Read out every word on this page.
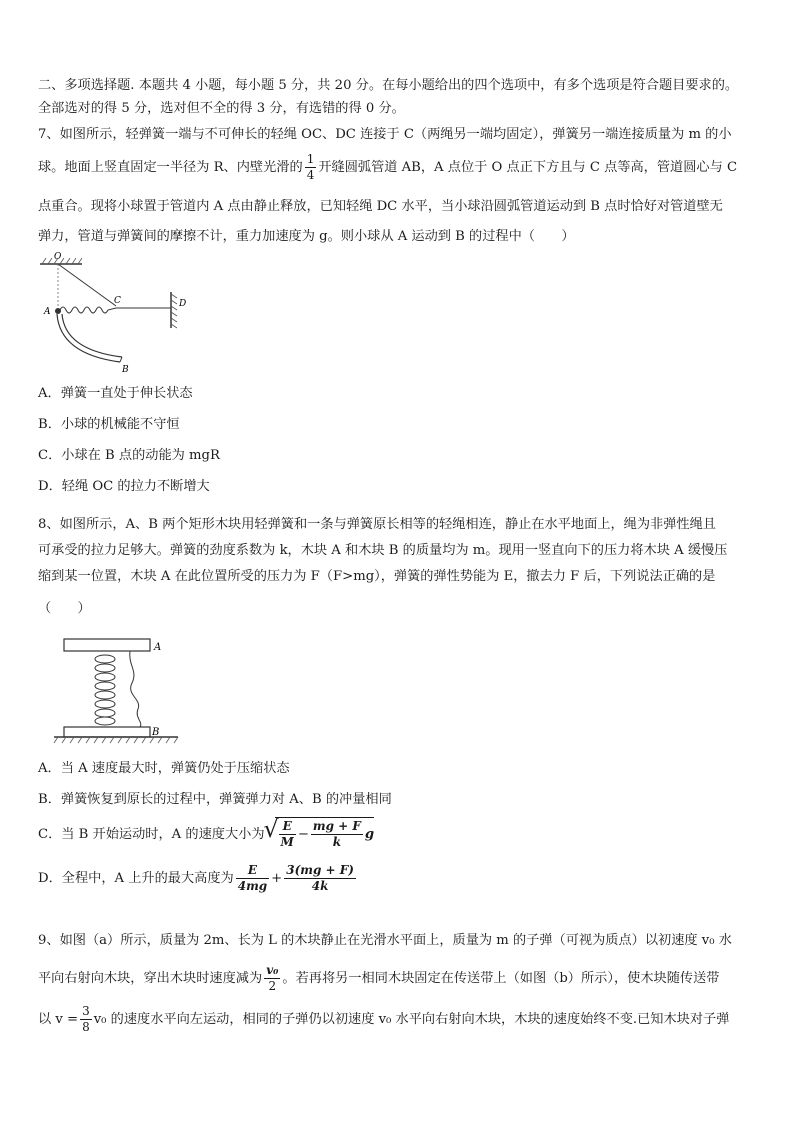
二、多项选择题. 本题共 4 小题，每小题 5 分，共 20 分。在每小题给出的四个选项中，有多个选项是符合题目要求的。
全部选对的得 5 分，选对但不全的得 3 分，有选错的得 0 分。
7、如图所示，轻弹簧一端与不可伸长的轻绳 OC、DC 连接于 C（两绳另一端均固定），弹簧另一端连接质量为 m 的小
球。地面上竖直固定一半径为 R、内壁光滑的 $\frac{1}{4}$ 开缝圆弧管道 AB，A 点位于 O 点正下方且与 C 点等高，管道圆心与 C
点重合。现将小球置于管道内 A 点由静止释放，已知轻绳 DC 水平，当小球沿圆弧管道运动到 B 点时恰好对管道壁无
弹力，管道与弹簧间的摩擦不计，重力加速度为 g。则小球从 A 运动到 B 的过程中（　　）
O
D
C
A
B
A．弹簧一直处于伸长状态
B．小球的机械能不守恒
C．小球在 B 点的动能为 mgR
D．轻绳 OC 的拉力不断增大
8、如图所示，A、B 两个矩形木块用轻弹簧和一条与弹簧原长相等的轻绳相连，静止在水平地面上，绳为非弹性绳且
可承受的拉力足够大。弹簧的劲度系数为 k，木块 A 和木块 B 的质量均为 m。现用一竖直向下的压力将木块 A 缓慢压
缩到某一位置，木块 A 在此位置所受的压力为 F（F>mg），弹簧的弹性势能为 E，撤去力 F 后，下列说法正确的是
（　　）
A
B
A．当 A 速度最大时，弹簧仍处于压缩状态
B．弹簧恢复到原长的过程中，弹簧弹力对 A、B 的冲量相同
C．当 B 开始运动时，A 的速度大小为
√ $\frac{E}{M} - \frac{mg + F}{k}$ g
D．全程中，A 上升的最大高度为 $\frac{E}{4mg} + \frac{3(mg + F)}{4k}$
9、如图（a）所示，质量为 2m、长为 L 的木块静止在光滑水平面上，质量为 m 的子弹（可视为质点）以初速度 v₀ 水
平向右射向木块，穿出木块时速度减为 $\frac{\text{v₀}}{2}$ 。若再将另一相同木块固定在传送带上（如图（b）所示），使木块随传送带
以 $v = \frac{3}{8} v_0$ 的速度水平向左运动，相同的子弹仍以初速度 v₀ 水平向右射向木块，木块的速度始终不变.已知木块对子弹
